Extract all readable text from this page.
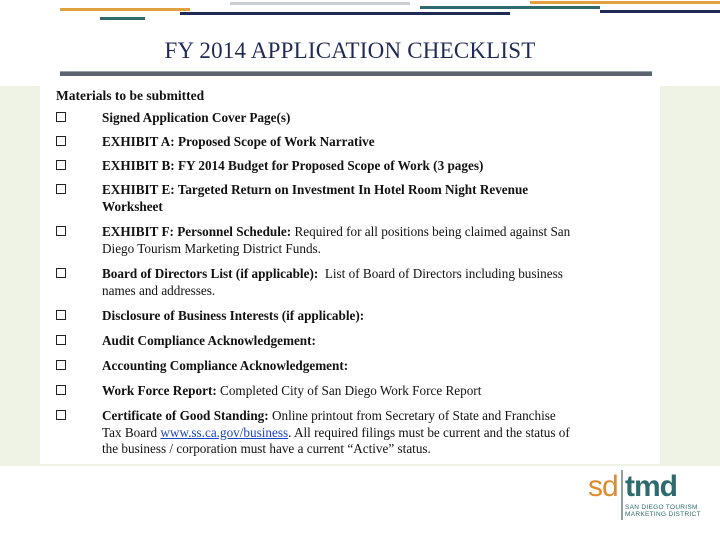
FY 2014 APPLICATION CHECKLIST
Materials to be submitted
Signed Application Cover Page(s)
EXHIBIT A: Proposed Scope of Work Narrative
EXHIBIT B: FY 2014 Budget for Proposed Scope of Work (3 pages)
EXHIBIT E: Targeted Return on Investment In Hotel Room Night Revenue
Worksheet
EXHIBIT F: Personnel Schedule: Required for all positions being claimed against San
Diego Tourism Marketing District Funds.
Board of Directors List (if applicable):  List of Board of Directors including business
names and addresses.
Disclosure of Business Interests (if applicable):
Audit Compliance Acknowledgement:
Accounting Compliance Acknowledgement:
Work Force Report: Completed City of San Diego Work Force Report
Certificate of Good Standing: Online printout from Secretary of State and Franchise
Tax Board www.ss.ca.gov/business. All required filings must be current and the status of
the business / corporation must have a current “Active” status.
sd tmd
SAN DIEGO TOURISM
MARKETING DISTRICT
